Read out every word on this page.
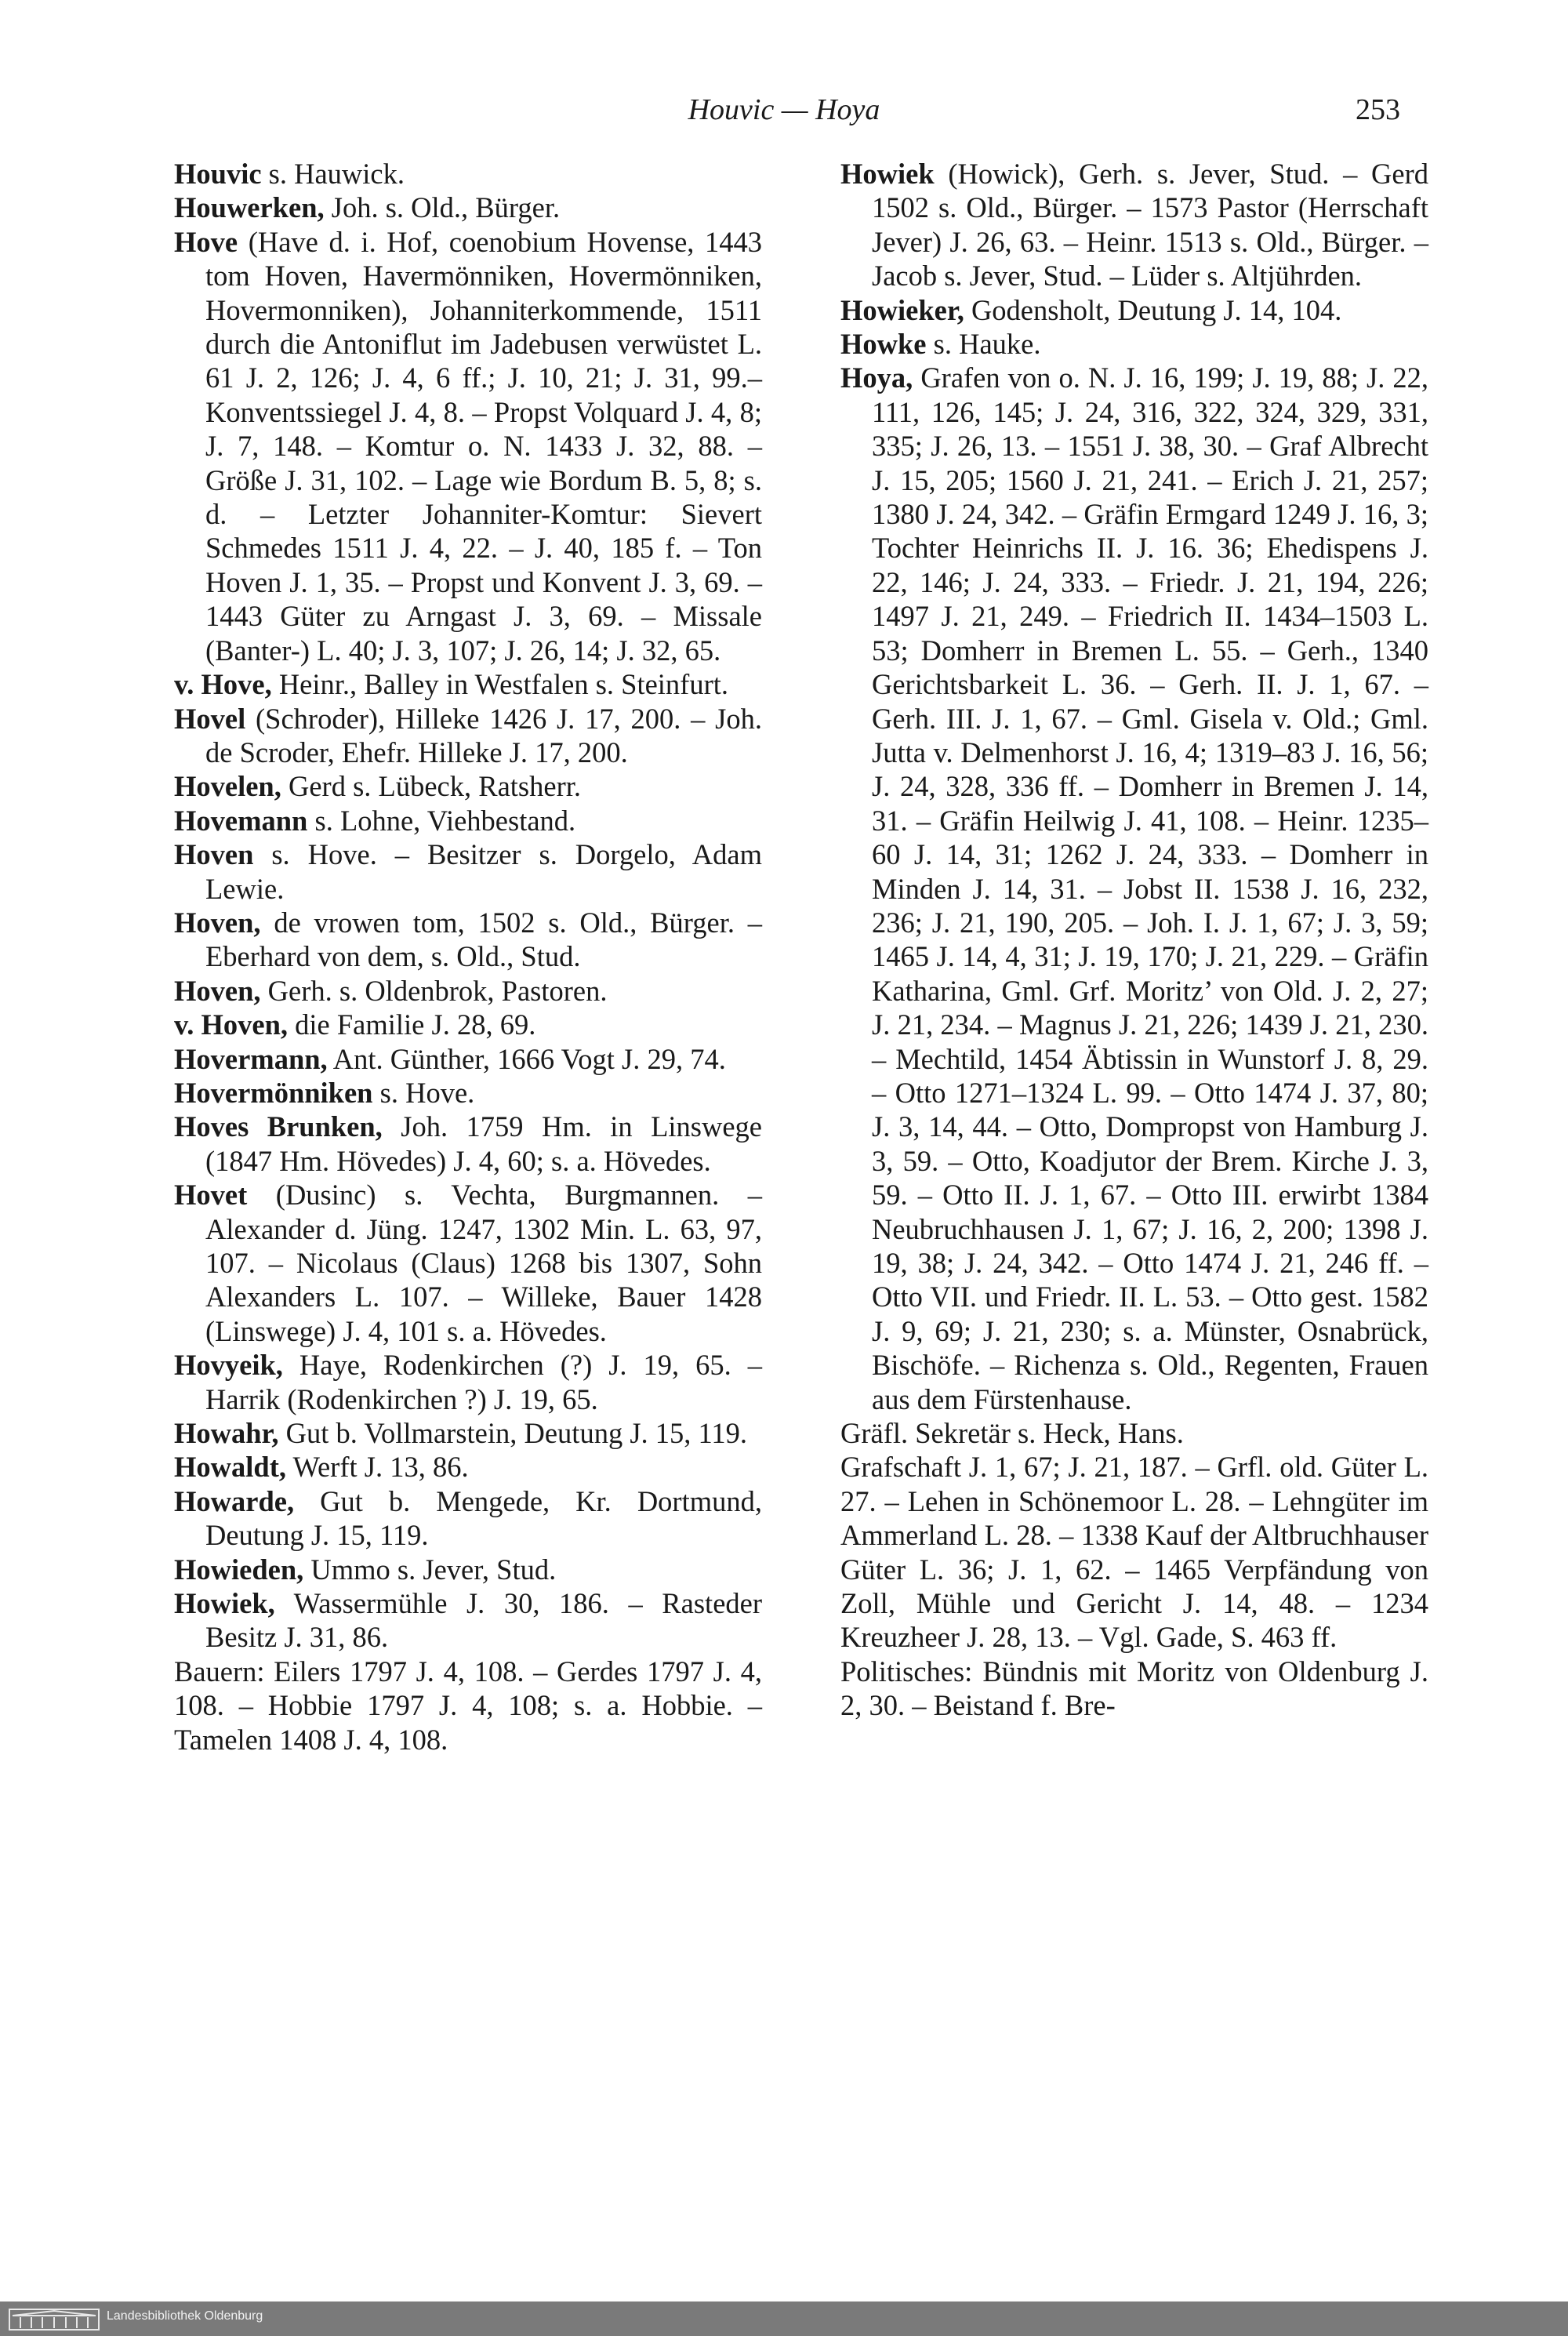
Houvic — Hoya	253

Houvic s. Hauwick.

Houwerken, Joh. s. Old., Bürger.

Hove (Have d. i. Hof, coenobium Hovense, 1443 tom Hoven, Havermönniken, Hovermönniken, Hovermonniken), Johanniterkommende, 1511 durch die Antoniflut im Jadebusen verwüstet L. 61 J. 2, 126; J. 4, 6 ff.; J. 10, 21; J. 31, 99.– Konventssiegel J. 4, 8. – Propst Volquard J. 4, 8; J. 7, 148. – Komtur o. N. 1433 J. 32, 88. – Größe J. 31, 102. – Lage wie Bordum B. 5, 8; s. d. – Letzter Johanniter-Komtur: Sievert Schmedes 1511 J. 4, 22. – J. 40, 185 f. – Ton Hoven J. 1, 35. – Propst und Konvent J. 3, 69. – 1443 Güter zu Arngast J. 3, 69. – Missale (Banter-) L. 40; J. 3, 107; J. 26, 14; J. 32, 65.

v. Hove, Heinr., Balley in Westfalen s. Steinfurt.

Hovel (Schroder), Hilleke 1426 J. 17, 200. – Joh. de Scroder, Ehefr. Hilleke J. 17, 200.

Hovelen, Gerd s. Lübeck, Ratsherr.

Hovemann s. Lohne, Viehbestand.

Hoven s. Hove. – Besitzer s. Dorgelo, Adam Lewie.

Hoven, de vrowen tom, 1502 s. Old., Bürger. – Eberhard von dem, s. Old., Stud.

Hoven, Gerh. s. Oldenbrok, Pastoren.

v. Hoven, die Familie J. 28, 69.

Hovermann, Ant. Günther, 1666 Vogt J. 29, 74.

Hovermönniken s. Hove.

Hoves Brunken, Joh. 1759 Hm. in Linswege (1847 Hm. Hövedes) J. 4, 60; s. a. Hövedes.

Hovet (Dusinc) s. Vechta, Burgmannen. – Alexander d. Jüng. 1247, 1302 Min. L. 63, 97, 107. – Nicolaus (Claus) 1268 bis 1307, Sohn Alexanders L. 107. – Willeke, Bauer 1428 (Linswege) J. 4, 101 s. a. Hövedes.

Hovyeik, Haye, Rodenkirchen (?) J. 19, 65. – Harrik (Rodenkirchen ?) J. 19, 65.

Howahr, Gut b. Vollmarstein, Deutung J. 15, 119.

Howaldt, Werft J. 13, 86.

Howarde, Gut b. Mengede, Kr. Dortmund, Deutung J. 15, 119.

Howieden, Ummo s. Jever, Stud.

Howiek, Wassermühle J. 30, 186. – Rasteder Besitz J. 31, 86.

Bauern: Eilers 1797 J. 4, 108. – Gerdes 1797 J. 4, 108. – Hobbie 1797 J. 4, 108; s. a. Hobbie. – Tamelen 1408 J. 4, 108.

Howiek (Howick), Gerh. s. Jever, Stud. – Gerd 1502 s. Old., Bürger. – 1573 Pastor (Herrschaft Jever) J. 26, 63. – Heinr. 1513 s. Old., Bürger. – Jacob s. Jever, Stud. – Lüder s. Altjührden.

Howieker, Godensholt, Deutung J. 14, 104.

Howke s. Hauke.

Hoya, Grafen von o. N. J. 16, 199; J. 19, 88; J. 22, 111, 126, 145; J. 24, 316, 322, 324, 329, 331, 335; J. 26, 13. – 1551 J. 38, 30. – Graf Albrecht J. 15, 205; 1560 J. 21, 241. – Erich J. 21, 257; 1380 J. 24, 342. – Gräfin Ermgard 1249 J. 16, 3; Tochter Heinrichs II. J. 16. 36; Ehedispens J. 22, 146; J. 24, 333. – Friedr. J. 21, 194, 226; 1497 J. 21, 249. – Friedrich II. 1434–1503 L. 53; Domherr in Bremen L. 55. – Gerh., 1340 Gerichtsbarkeit L. 36. – Gerh. II. J. 1, 67. – Gerh. III. J. 1, 67. – Gml. Gisela v. Old.; Gml. Jutta v. Delmenhorst J. 16, 4; 1319–83 J. 16, 56; J. 24, 328, 336 ff. – Domherr in Bremen J. 14, 31. – Gräfin Heilwig J. 41, 108. – Heinr. 1235–60 J. 14, 31; 1262 J. 24, 333. – Domherr in Minden J. 14, 31. – Jobst II. 1538 J. 16, 232, 236; J. 21, 190, 205. – Joh. I. J. 1, 67; J. 3, 59; 1465 J. 14, 4, 31; J. 19, 170; J. 21, 229. – Gräfin Katharina, Gml. Grf. Moritz’ von Old. J. 2, 27; J. 21, 234. – Magnus J. 21, 226; 1439 J. 21, 230. – Mechtild, 1454 Äbtissin in Wunstorf J. 8, 29. – Otto 1271–1324 L. 99. – Otto 1474 J. 37, 80; J. 3, 14, 44. – Otto, Dompropst von Hamburg J. 3, 59. – Otto, Koadjutor der Brem. Kirche J. 3, 59. – Otto II. J. 1, 67. – Otto III. erwirbt 1384 Neubruchhausen J. 1, 67; J. 16, 2, 200; 1398 J. 19, 38; J. 24, 342. – Otto 1474 J. 21, 246 ff. – Otto VII. und Friedr. II. L. 53. – Otto gest. 1582 J. 9, 69; J. 21, 230; s. a. Münster, Osnabrück, Bischöfe. – Richenza s. Old., Regenten, Frauen aus dem Fürstenhause.

Gräfl. Sekretär s. Heck, Hans.

Grafschaft J. 1, 67; J. 21, 187. – Grfl. old. Güter L. 27. – Lehen in Schönemoor L. 28. – Lehngüter im Ammerland L. 28. – 1338 Kauf der Altbruchhauser Güter L. 36; J. 1, 62. – 1465 Verpfändung von Zoll, Mühle und Gericht J. 14, 48. – 1234 Kreuzheer J. 28, 13. – Vgl. Gade, S. 463 ff.

Politisches: Bündnis mit Moritz von Oldenburg J. 2, 30. – Beistand f. Bre-

Landesbibliothek Oldenburg
